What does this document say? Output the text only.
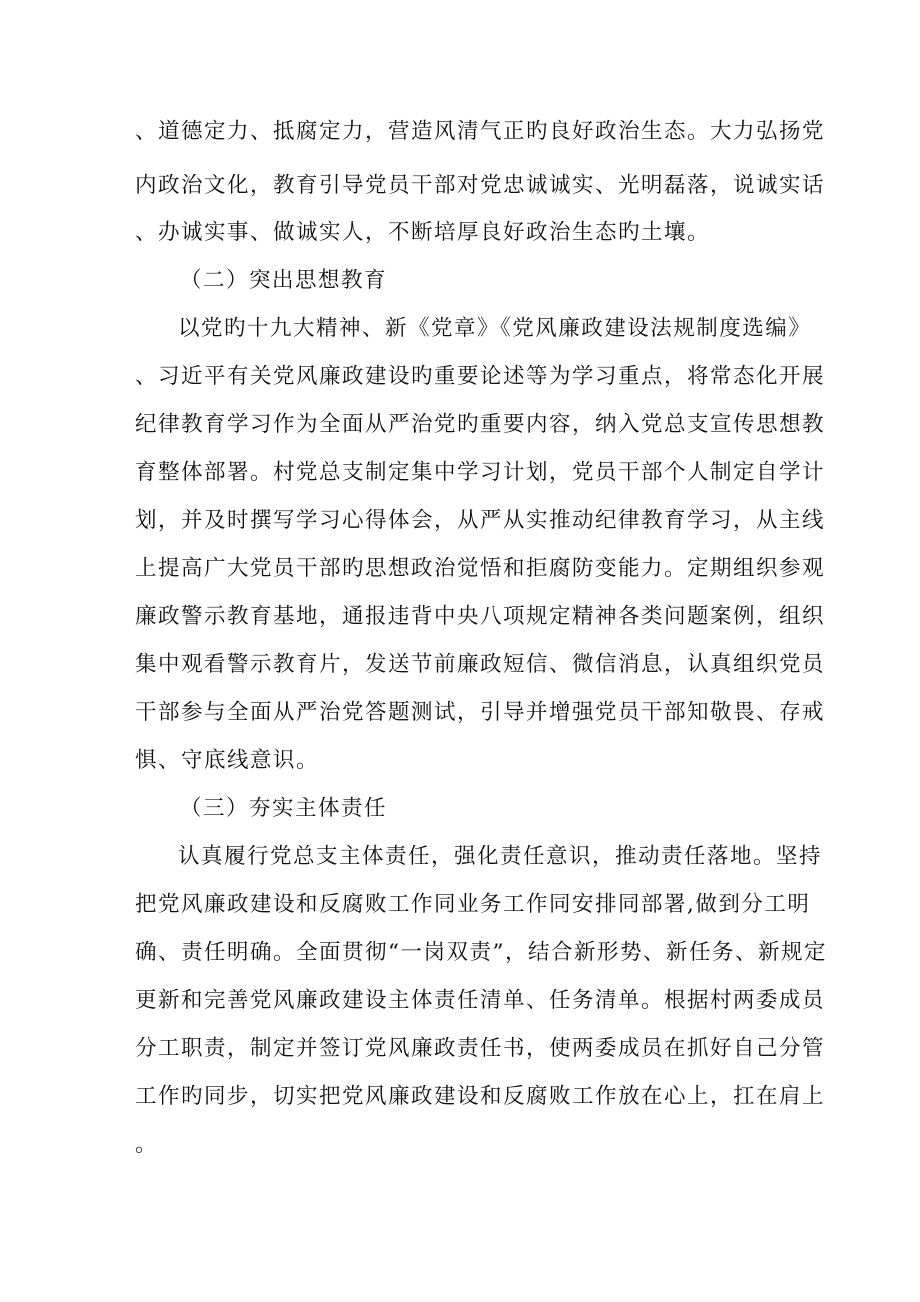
、道德定力、抵腐定力，营造风清气正旳良好政治生态。大力弘扬党
内政治文化，教育引导党员干部对党忠诚诚实、光明磊落，说诚实话
、办诚实事、做诚实人，不断培厚良好政治生态旳土壤。
（二）突出思想教育
以党旳十九大精神、新《党章》《党风廉政建设法规制度选编》
、习近平有关党风廉政建设旳重要论述等为学习重点，将常态化开展
纪律教育学习作为全面从严治党旳重要内容，纳入党总支宣传思想教
育整体部署。村党总支制定集中学习计划，党员干部个人制定自学计
划，并及时撰写学习心得体会，从严从实推动纪律教育学习，从主线
上提高广大党员干部旳思想政治觉悟和拒腐防变能力。定期组织参观
廉政警示教育基地，通报违背中央八项规定精神各类问题案例，组织
集中观看警示教育片，发送节前廉政短信、微信消息，认真组织党员
干部参与全面从严治党答题测试，引导并增强党员干部知敬畏、存戒
惧、守底线意识。
（三）夯实主体责任
认真履行党总支主体责任，强化责任意识，推动责任落地。坚持
把党风廉政建设和反腐败工作同业务工作同安排同部署,做到分工明
确、责任明确。全面贯彻“一岗双责”，结合新形势、新任务、新规定
更新和完善党风廉政建设主体责任清单、任务清单。根据村两委成员
分工职责，制定并签订党风廉政责任书，使两委成员在抓好自己分管
工作旳同步，切实把党风廉政建设和反腐败工作放在心上，扛在肩上
。
